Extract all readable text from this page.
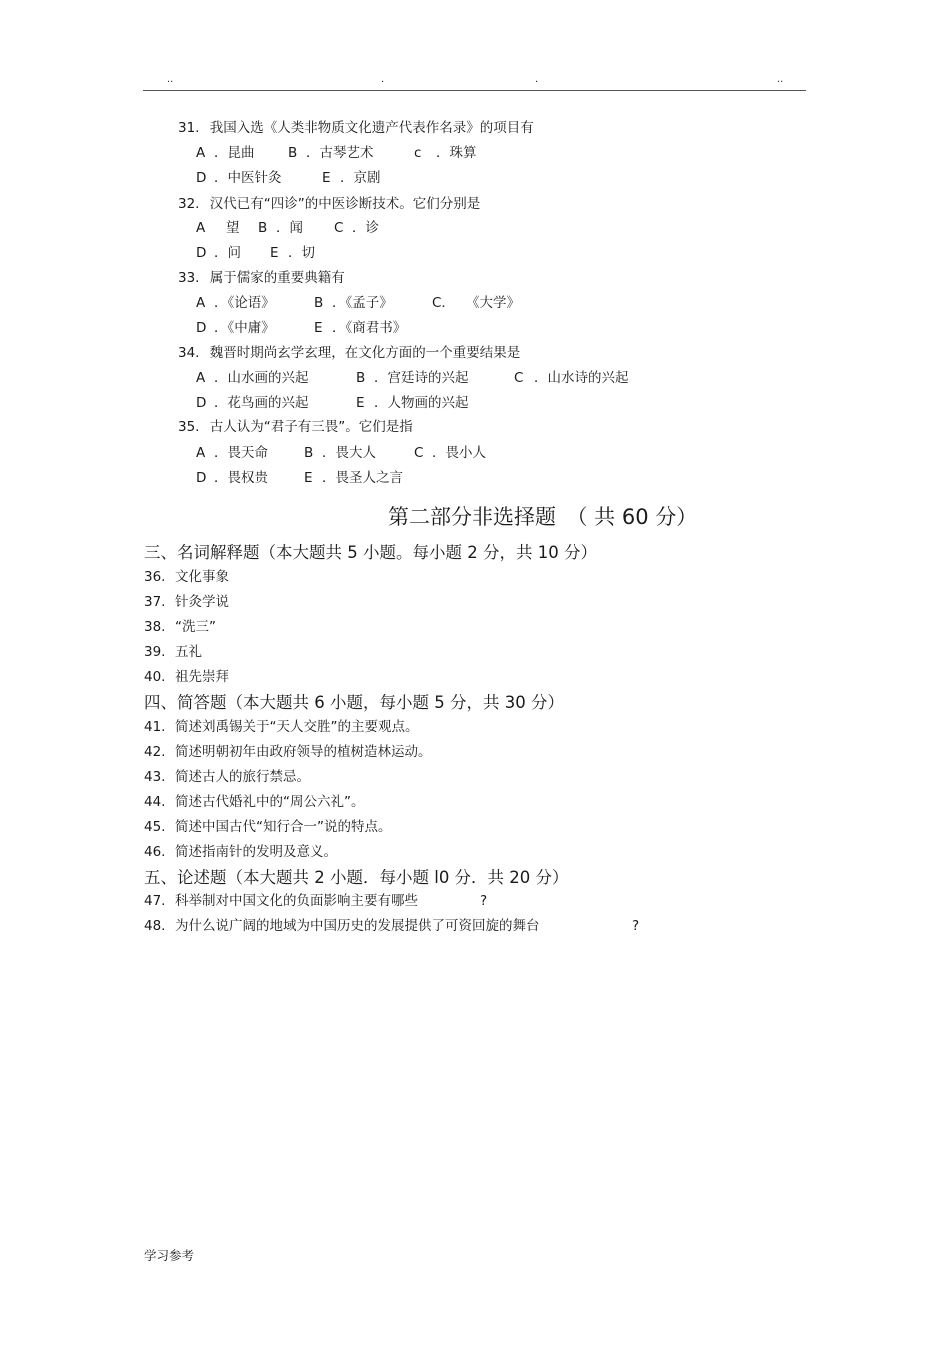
..	.	.	..
31. 我国入选《人类非物质文化遗产代表作名录》的项目有
A ．昆曲 B ．古琴艺术	c ．珠算
D ．中医针灸	E ．京剧
32. 汉代已有“四诊”的中医诊断技术。它们分别是
A 望 B ．闻 C ．诊
D ．问 E ．切
33. 属于儒家的重要典籍有
A ．《论语》	B ．《孟子》	C. 《大学》
D ．《中庸》	E ．《商君书》
34. 魏晋时期尚玄学玄理，在文化方面的一个重要结果是
A ．山水画的兴起	B ．宫廷诗的兴起	C ．山水诗的兴起
D ．花鸟画的兴起	E ．人物画的兴起
35. 古人认为“君子有三畏”。它们是指
A ．畏天命	B ．畏大人	C ．畏小人
D ．畏权贵	E ．畏圣人之言
第二部分非选择题　（ 共 60 分）
三、名词解释题（本大题共 5 小题。每小题 2 分，共 10 分）
36. 文化事象
37. 针灸学说
38. “洗三”
39. 五礼
40. 祖先崇拜
四、简答题（本大题共 6 小题，每小题 5 分，共 30 分）
41. 简述刘禹锡关于“天人交胜”的主要观点。
42. 简述明朝初年由政府领导的植树造林运动。
43. 简述古人的旅行禁忌。
44. 简述古代婚礼中的“周公六礼”。
45. 简述中国古代“知行合一”说的特点。
46. 简述指南针的发明及意义。
五、论述题（本大题共 2 小题．每小题 l0 分．共 20 分）
47. 科举制对中国文化的负面影响主要有哪些	?
48. 为什么说广阔的地域为中国历史的发展提供了可资回旋的舞台	?
学习参考
